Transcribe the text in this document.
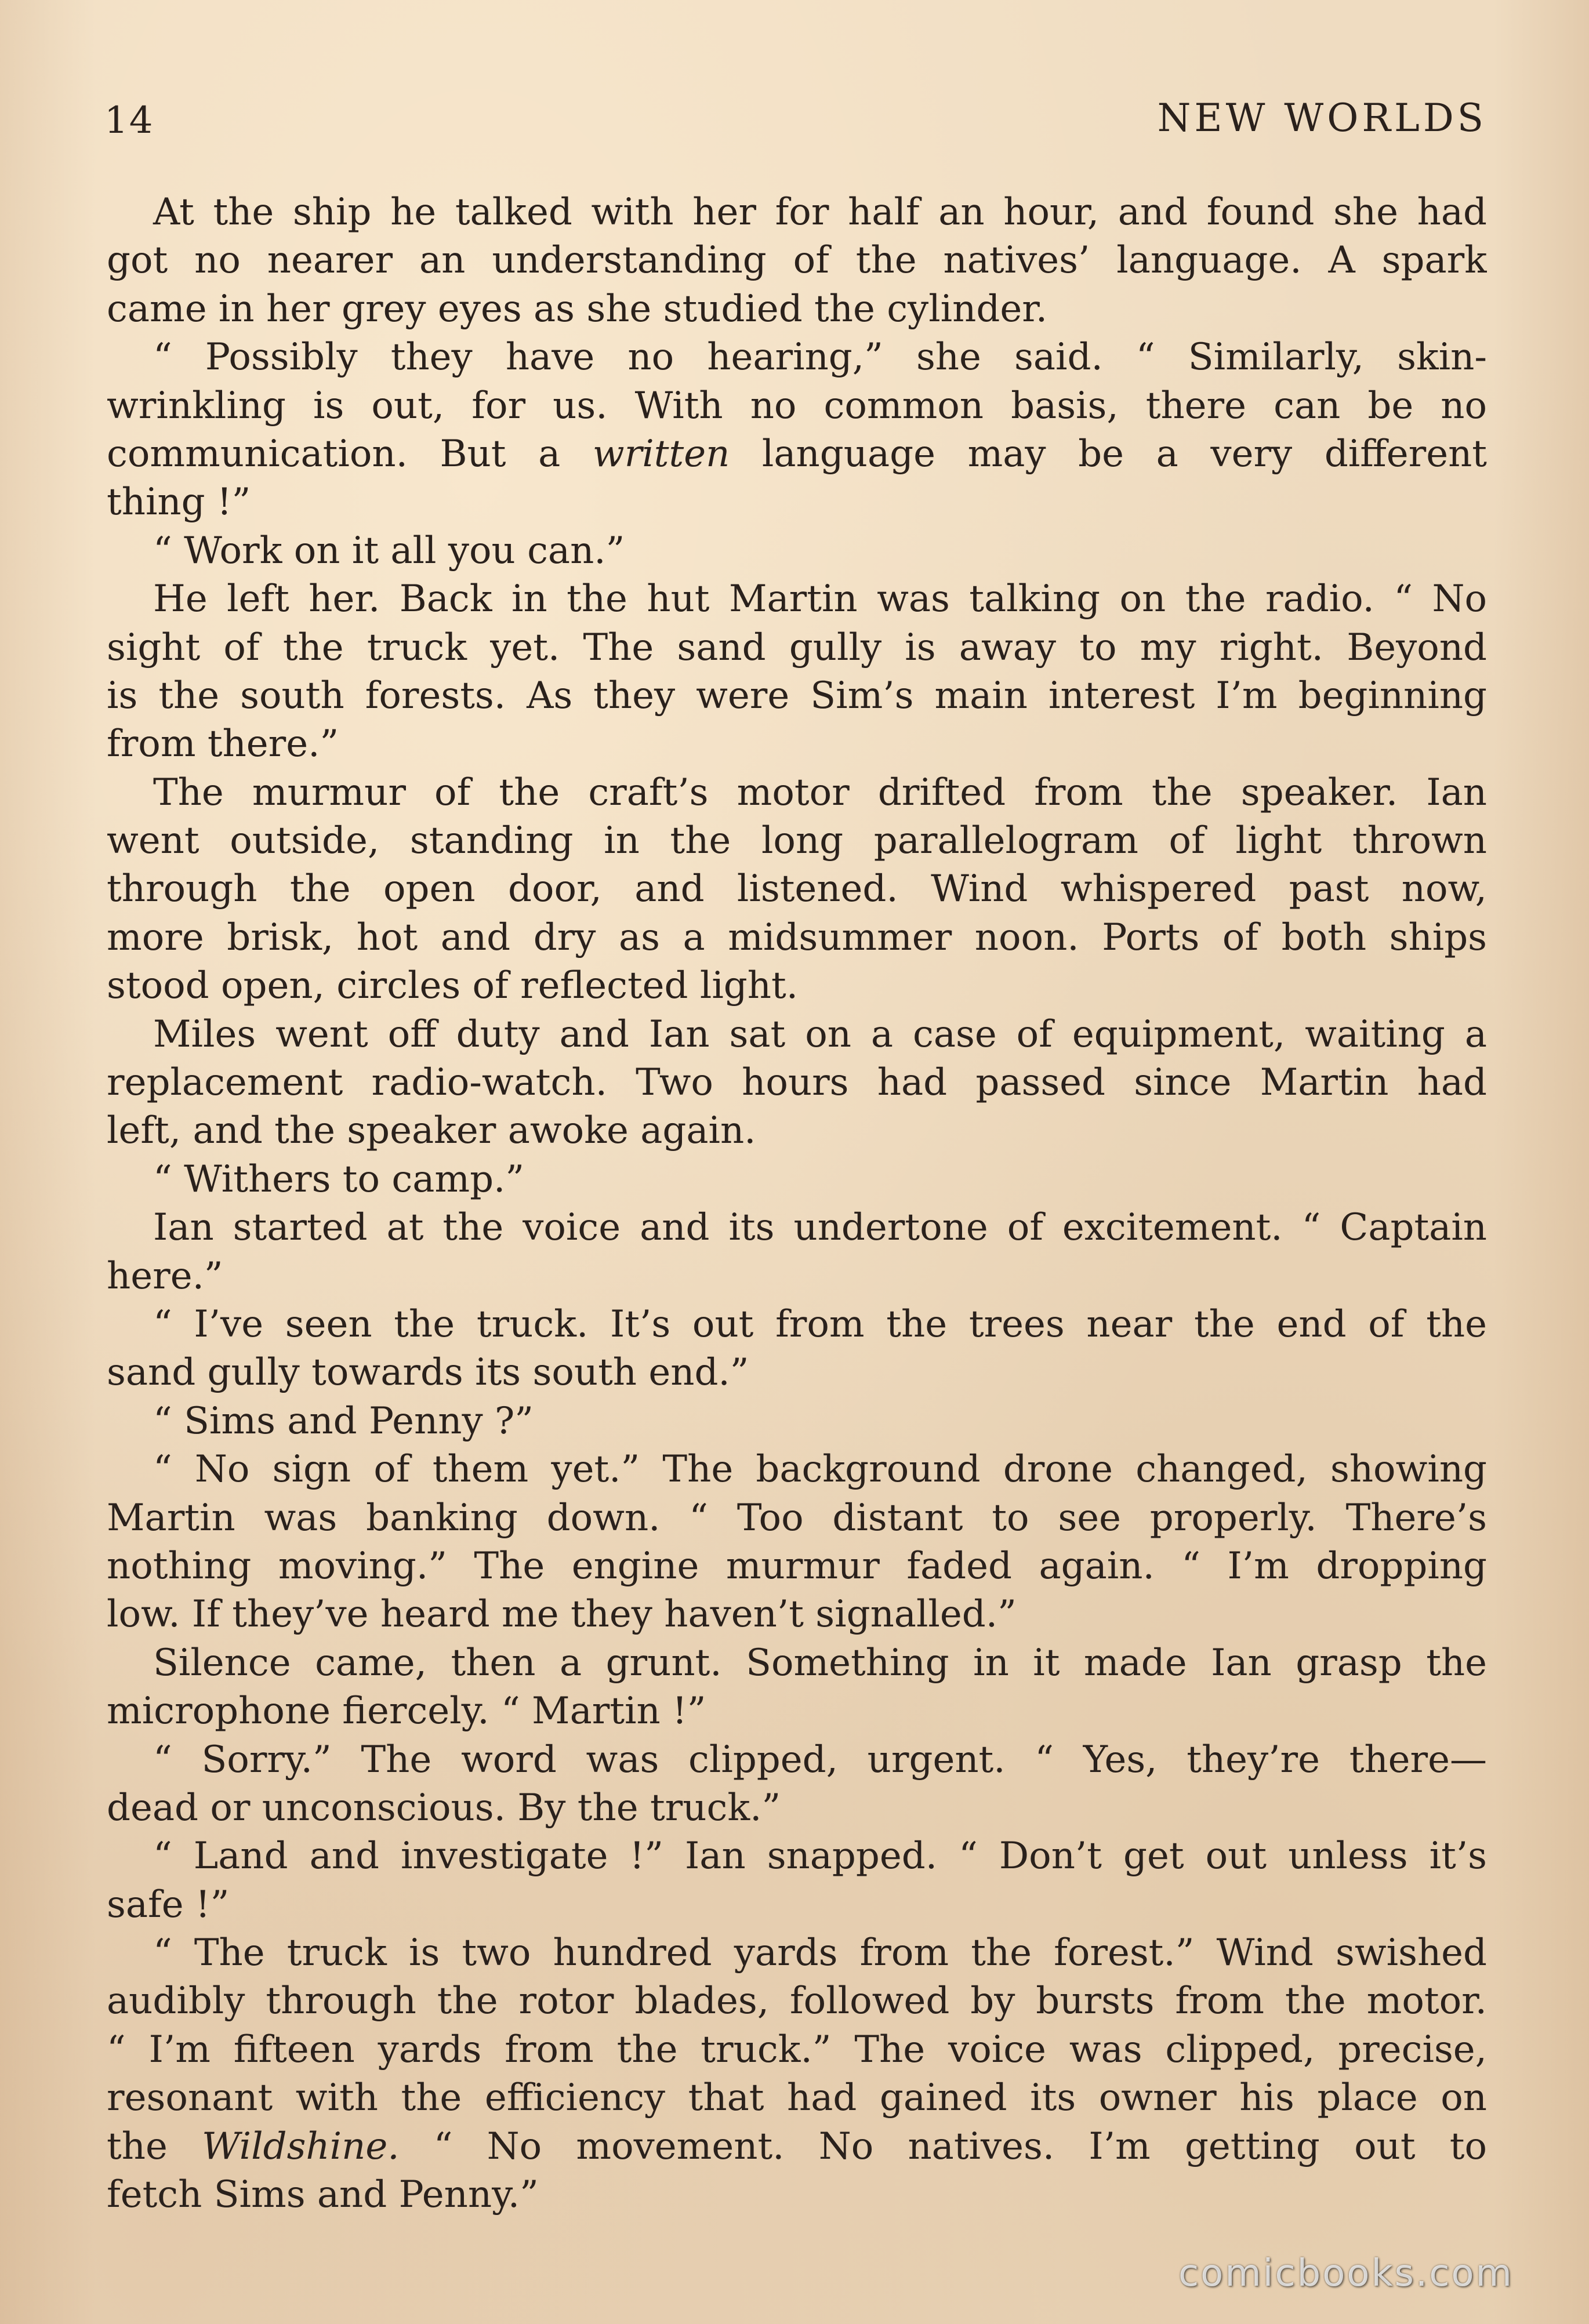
14	NEW WORLDS
At the ship he talked with her for half an hour, and found she had
got no nearer an understanding of the natives’ language. A spark
came in her grey eyes as she studied the cylinder.
“ Possibly they have no hearing,” she said. “ Similarly, skin-
wrinkling is out, for us. With no common basis, there can be no
communication. But a written language may be a very different
thing !”
“ Work on it all you can.”
He left her. Back in the hut Martin was talking on the radio. “ No
sight of the truck yet. The sand gully is away to my right. Beyond
is the south forests. As they were Sim’s main interest I’m beginning
from there.”
The murmur of the craft’s motor drifted from the speaker. Ian
went outside, standing in the long parallelogram of light thrown
through the open door, and listened. Wind whispered past now,
more brisk, hot and dry as a midsummer noon. Ports of both ships
stood open, circles of reflected light.
Miles went off duty and Ian sat on a case of equipment, waiting a
replacement radio-watch. Two hours had passed since Martin had
left, and the speaker awoke again.
“ Withers to camp.”
Ian started at the voice and its undertone of excitement. “ Captain
here.”
“ I’ve seen the truck. It’s out from the trees near the end of the
sand gully towards its south end.”
“ Sims and Penny ?”
“ No sign of them yet.” The background drone changed, showing
Martin was banking down. “ Too distant to see properly. There’s
nothing moving.” The engine murmur faded again. “ I’m dropping
low. If they’ve heard me they haven’t signalled.”
Silence came, then a grunt. Something in it made Ian grasp the
microphone fiercely. “ Martin !”
“ Sorry.” The word was clipped, urgent. “ Yes, they’re there—
dead or unconscious. By the truck.”
“ Land and investigate !” Ian snapped. “ Don’t get out unless it’s
safe !”
“ The truck is two hundred yards from the forest.” Wind swished
audibly through the rotor blades, followed by bursts from the motor.
“ I’m fifteen yards from the truck.” The voice was clipped, precise,
resonant with the efficiency that had gained its owner his place on
the Wildshine. “ No movement. No natives. I’m getting out to
fetch Sims and Penny.”
comicbooks.com
